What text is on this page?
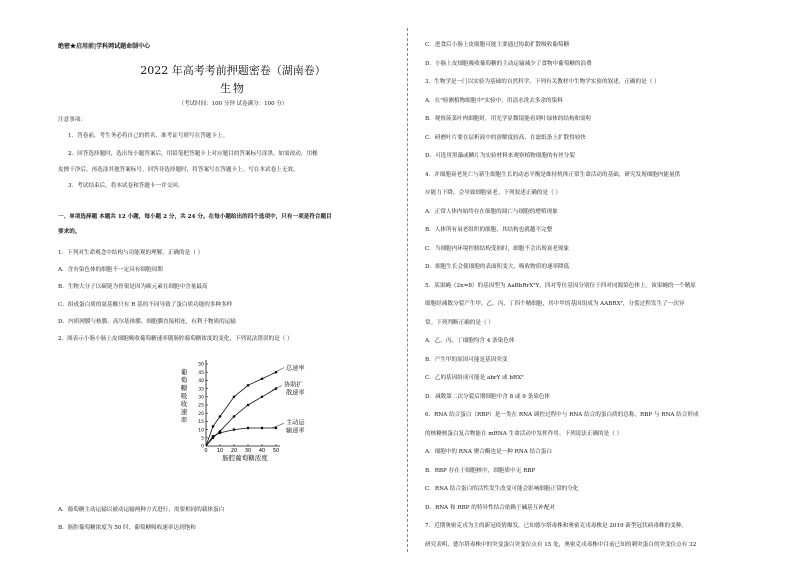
绝密★启用前|学科网试题命制中心
2022 年高考考前押题密卷（湖南卷）
生物
（考试时间：100 分钟 试卷满分：100 分）
注意事项：
1．答卷前，考生务必将自己的姓名、准考证号填写在答题卡上。
2．回答选择题时，选出每小题答案后，用铅笔把答题卡上对应题目的答案标号涂黑。如需改动，用橡
皮擦干净后，再选涂其他答案标号。回答非选择题时，将答案写在答题卡上。写在本试卷上无效。
3．考试结束后，将本试卷和答题卡一并交回。
一、单项选择题 本题共 12 小题，每小题 2 分，共 24 分。在每小题给出的四个选项中，只有一项是符合题目
要求的。
1．下列对生命观念中结构与功能观的理解，正确的是（ ）
A．含有染色体的细胞不一定具有细胞周期
B．生物大分子以碳链为骨架是因为碳元素在细胞中含量最高
C．组成蛋白质的氨基酸只有 R 基的不同导致了蛋白质功能的多种多样
D．内质网膜与核膜、高尔基体膜、细胞膜直接相连，有利于物质的运输
2．图表示小肠小肠上皮细胞吸收葡萄糖速率随肠腔葡萄糖浓度的变化，下列说法错误的是（ ）
0 10 20 30 40 50
0
5
10
15
20
25
30
35
40
45
50
葡
萄
糖
吸
收
速
率
肠腔葡萄糖浓度
总速率
协助扩
散速率
主动运
输速率
A．葡萄糖主动运输以被动运输两种方式进行，需要相同的载体蛋白
B．肠腔葡萄糖浓度为 50 时，葡萄糖吸收速率达到饱和
C．进食后小肠上皮细胞可能主要通过协助扩散吸收葡萄糖
D．小肠上皮细胞吸收葡萄糖的主动运输减少了食物中葡萄糖的浪费
3．生物学是一门以实验为基础的自然科学，下列有关教材中生物学实验的叙述，正确的是（ ）
A．在"检测植物细胞中"实验中，用清水洗去多余的染料
B．观察菠菜叶肉细胞时，用光学显微镜能看到叶绿体的结构和需粒
C．研磨叶片要在层析液中的溶解度较高，在滤纸条上扩散得较快
D．可选用黑藻或鳞片为实验材料来观察植物细胞的有丝分裂
4．并细胞衰老死亡与新生细胞生长的动态平衡是维持机体正常生命活动的基础，研究发现细胞内能量供
应能力下降，会导致细胞衰老。下列叙述正确的是（ ）
A．正常人体内始终存在细胞的凋亡与细胞的增殖现象
B．人体所有衰老组织的细胞，其结构也就越不完整
C．当细胞内环境控制结构受损时，细胞不会出现衰老现象
D．细胞生长会使细胞的表面积变大，吸收物质的速率降低
5．某果蝇（2n=8）的基因型为 AaBbRrXᵀY，四对等位基因分别位于四对同源染色体上。该果蝇的一个精原
细胞经减数分裂产生甲、乙、丙、丁四个精细胞，其中甲的基因组成为 AABRXᵀ，分裂过程发生了一次异
常。下列判断正确的是（ ）
A．乙、丙、丁细胞均含 4 条染色体
B．产生甲的原因可能是基因突变
C．乙的基因组成可能是 abrY 或 bRXᵀ
D．减数第二次分裂后期细胞中含 8 或 9 条染色体
6．RNA 结合蛋白（RBP）是一类在 RNA 调控过程中与 RNA 结合的蛋白质的总称，RBP 与 RNA 结合形成
的核糖核蛋白复合物能在 mRNA 生命活动中发挥作用。下列说法正确的是（ ）
A．细胞中的 RNA 聚合酶也是一种 RNA 结合蛋白
B．RBP 存在于细胞核中，细胞质中无 RBP
C．RNA 结合蛋白的活性发生改变可能会影响细胞正常的分化
D．RNA 和 RBP 的特异性结合依赖于碱基互补配对
7．近期奥密克戎为主的新冠疫情爆发，已知德尔塔毒株和奥密克戎毒株是 2019 新型冠状病毒株的变种。
研究表明，德尔塔毒株中的突变蛋白突变位点有 15 处，奥密克戎毒株中目前已知的刺突蛋白的突变位点有 32
